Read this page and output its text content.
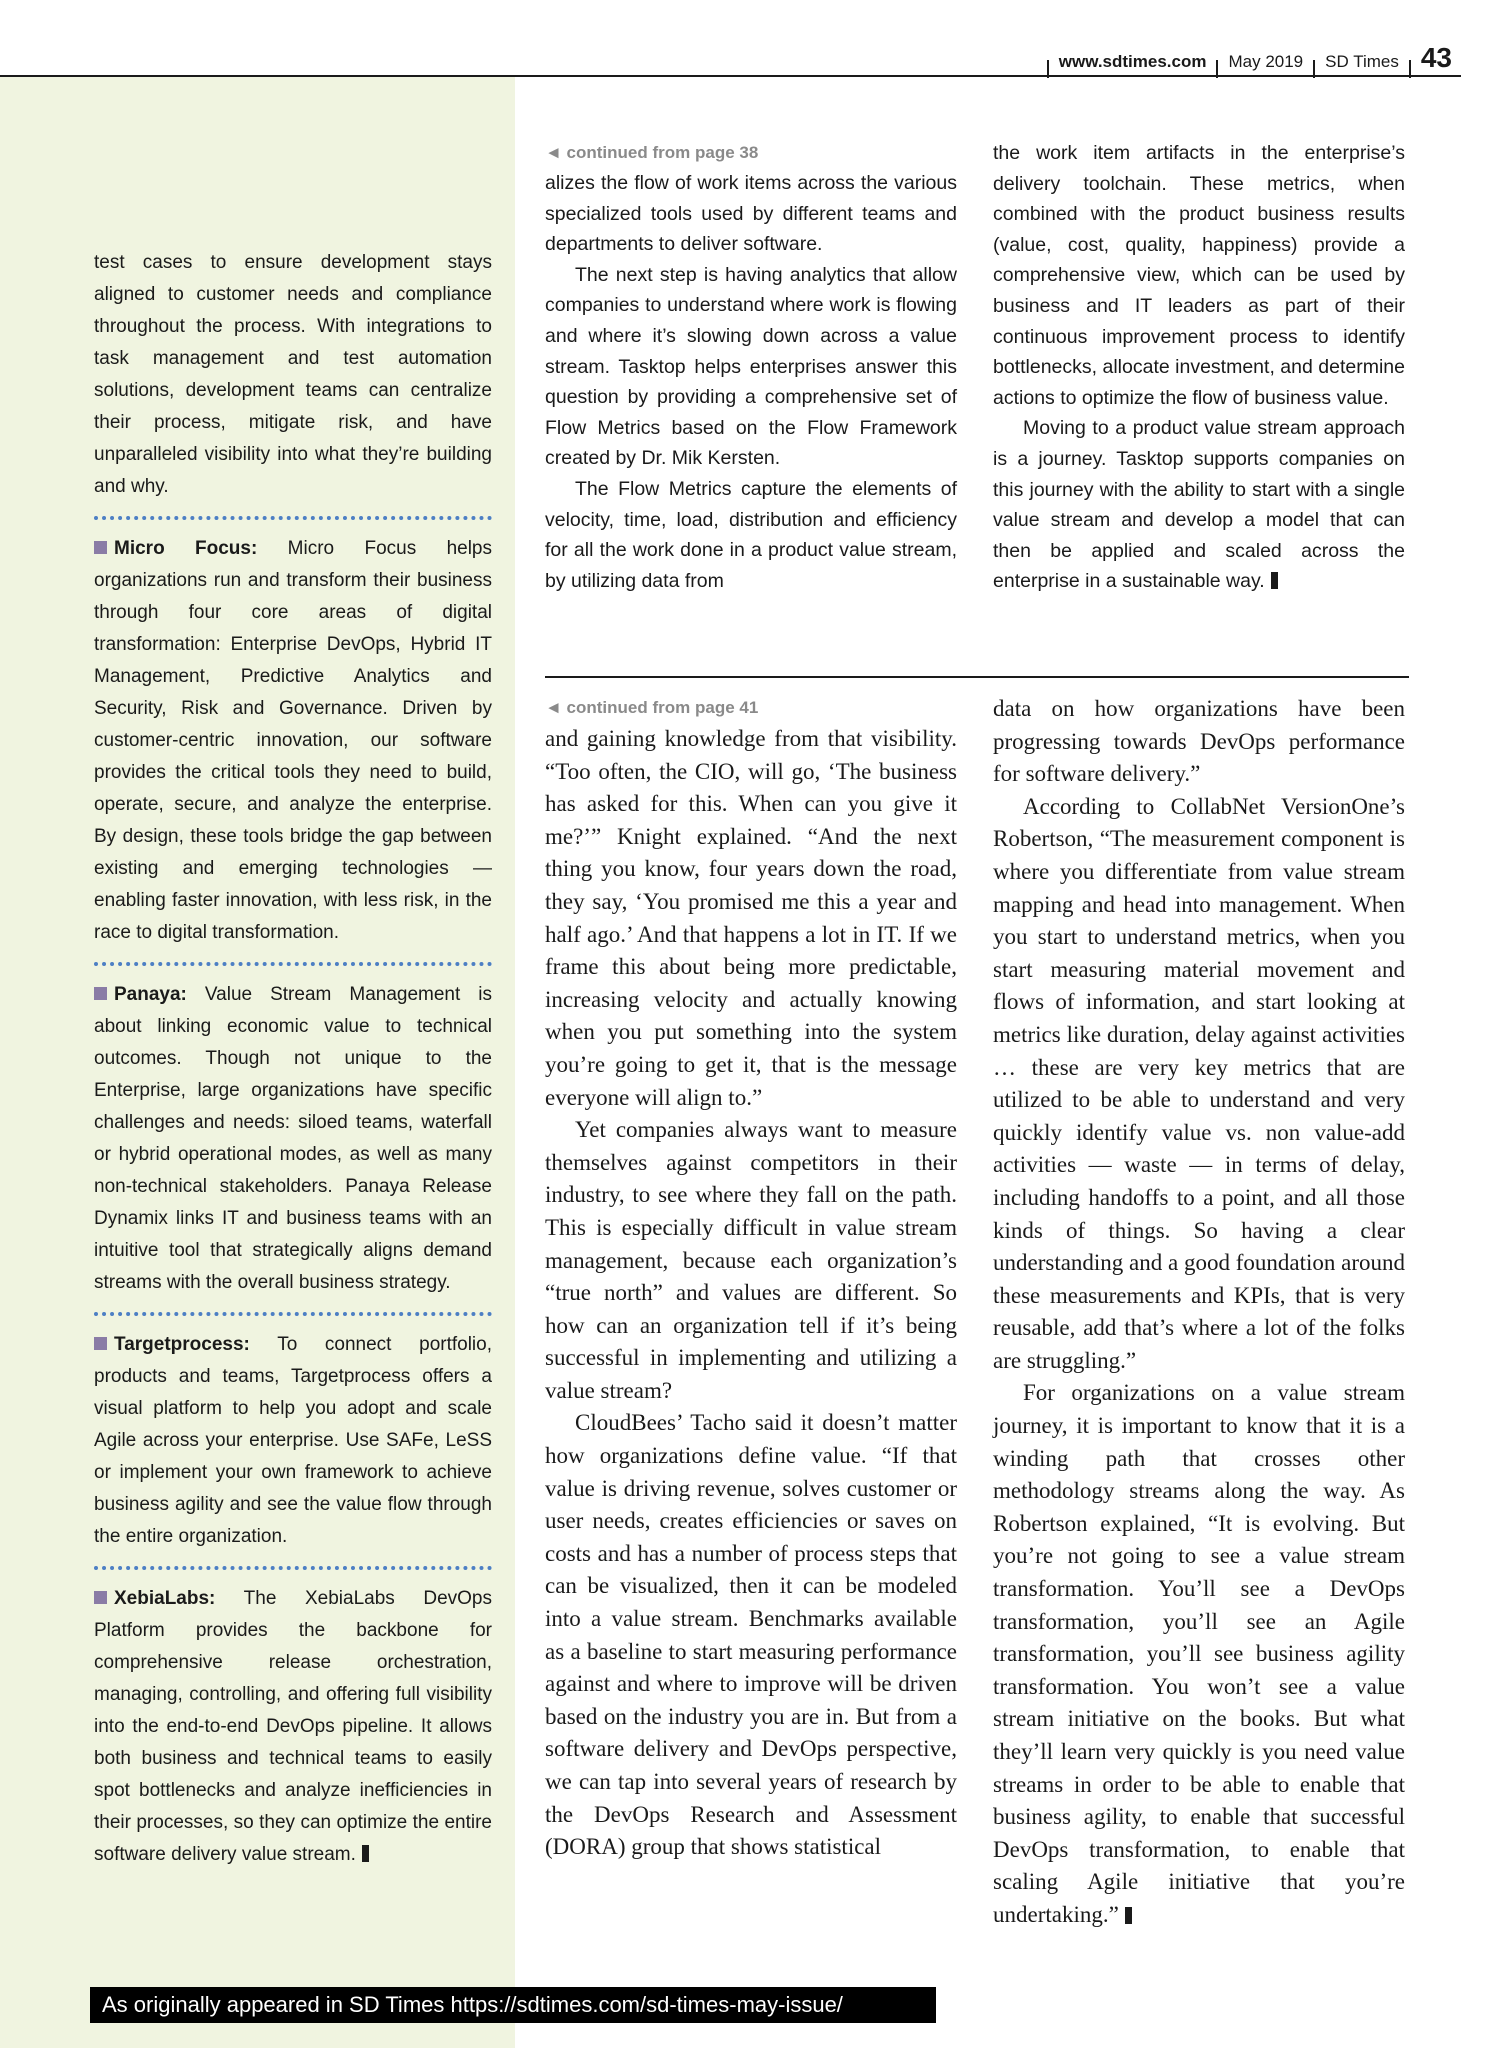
www.sdtimes.com May 2019 SD Times 43

test cases to ensure development stays aligned to customer needs and compliance throughout the process. With integrations to task management and test automation solutions, development teams can centralize their process, mitigate risk, and have unparalleled visibility into what they’re building and why.

Micro Focus: Micro Focus helps organizations run and transform their business through four core areas of digital transformation: Enterprise DevOps, Hybrid IT Management, Predictive Analytics and Security, Risk and Governance. Driven by customer-centric innovation, our software provides the critical tools they need to build, operate, secure, and analyze the enterprise. By design, these tools bridge the gap between existing and emerging technologies — enabling faster innovation, with less risk, in the race to digital transformation.

Panaya: Value Stream Management is about linking economic value to technical outcomes. Though not unique to the Enterprise, large organizations have specific challenges and needs: siloed teams, waterfall or hybrid operational modes, as well as many non-technical stakeholders. Panaya Release Dynamix links IT and business teams with an intuitive tool that strategically aligns demand streams with the overall business strategy.

Targetprocess: To connect portfolio, products and teams, Targetprocess offers a visual platform to help you adopt and scale Agile across your enterprise. Use SAFe, LeSS or implement your own framework to achieve business agility and see the value flow through the entire organization.

XebiaLabs: The XebiaLabs DevOps Platform provides the backbone for comprehensive release orchestration, managing, controlling, and offering full visibility into the end-to-end DevOps pipeline. It allows both business and technical teams to easily spot bottlenecks and analyze inefficiencies in their processes, so they can optimize the entire software delivery value stream.

◄ continued from page 38

alizes the flow of work items across the various specialized tools used by different teams and departments to deliver software.

The next step is having analytics that allow companies to understand where work is flowing and where it’s slowing down across a value stream. Tasktop helps enterprises answer this question by providing a comprehensive set of Flow Metrics based on the Flow Framework created by Dr. Mik Kersten.

The Flow Metrics capture the elements of velocity, time, load, distribution and efficiency for all the work done in a product value stream, by utilizing data from

the work item artifacts in the enterprise’s delivery toolchain. These metrics, when combined with the product business results (value, cost, quality, happiness) provide a comprehensive view, which can be used by business and IT leaders as part of their continuous improvement process to identify bottlenecks, allocate investment, and determine actions to optimize the flow of business value.

Moving to a product value stream approach is a journey. Tasktop supports companies on this journey with the ability to start with a single value stream and develop a model that can then be applied and scaled across the enterprise in a sustainable way.

◄ continued from page 41

and gaining knowledge from that visibility. “Too often, the CIO, will go, ‘The business has asked for this. When can you give it me?’” Knight explained. “And the next thing you know, four years down the road, they say, ‘You promised me this a year and half ago.’ And that happens a lot in IT. If we frame this about being more predictable, increasing velocity and actually knowing when you put something into the system you’re going to get it, that is the message everyone will align to.”

Yet companies always want to measure themselves against competitors in their industry, to see where they fall on the path. This is especially difficult in value stream management, because each organization’s “true north” and values are different. So how can an organization tell if it’s being successful in implementing and utilizing a value stream?

CloudBees’ Tacho said it doesn’t matter how organizations define value. “If that value is driving revenue, solves customer or user needs, creates efficiencies or saves on costs and has a number of process steps that can be visualized, then it can be modeled into a value stream. Benchmarks available as a baseline to start measuring performance against and where to improve will be driven based on the industry you are in. But from a software delivery and DevOps perspective, we can tap into several years of research by the DevOps Research and Assessment (DORA) group that shows statistical

data on how organizations have been progressing towards DevOps performance for software delivery.”

According to CollabNet VersionOne’s Robertson, “The measurement component is where you differentiate from value stream mapping and head into management. When you start to understand metrics, when you start measuring material movement and flows of information, and start looking at metrics like duration, delay against activities … these are very key metrics that are utilized to be able to understand and very quickly identify value vs. non value-add activities — waste — in terms of delay, including handoffs to a point, and all those kinds of things. So having a clear understanding and a good foundation around these measurements and KPIs, that is very reusable, add that’s where a lot of the folks are struggling.”

For organizations on a value stream journey, it is important to know that it is a winding path that crosses other methodology streams along the way. As Robertson explained, “It is evolving. But you’re not going to see a value stream transformation. You’ll see a DevOps transformation, you’ll see an Agile transformation, you’ll see business agility transformation. You won’t see a value stream initiative on the books. But what they’ll learn very quickly is you need value streams in order to be able to enable that business agility, to enable that successful DevOps transformation, to enable that scaling Agile initiative that you’re undertaking.”

As originally appeared in SD Times https://sdtimes.com/sd-times-may-issue/
